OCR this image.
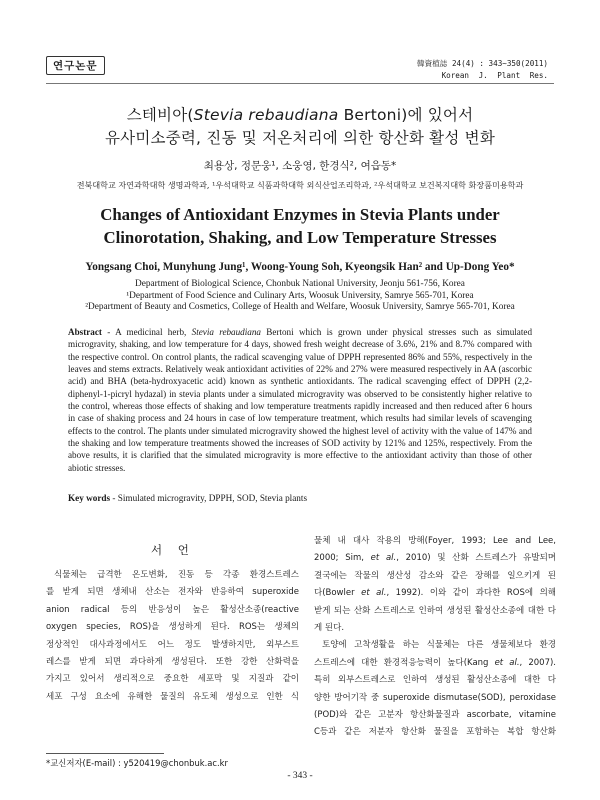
연구논문	韓資植誌 24(4) : 343~350(2011)
Korean J. Plant Res.
스테비아(Stevia rebaudiana Bertoni)에 있어서
유사미소중력, 진동 및 저온처리에 의한 항산화 활성 변화
최용상, 정문웅¹, 소웅영, 한경식², 여읍동*
전북대학교 자연과학대학 생명과학과, ¹우석대학교 식품과학대학 외식산업조리학과, ²우석대학교 보건복지대학 화장품미용학과
Changes of Antioxidant Enzymes in Stevia Plants under
Clinorotation, Shaking, and Low Temperature Stresses
Yongsang Choi, Munyhung Jung¹, Woong-Young Soh, Kyeongsik Han² and Up-Dong Yeo*
Department of Biological Science, Chonbuk National University, Jeonju 561-756, Korea
¹Department of Food Science and Culinary Arts, Woosuk University, Samrye 565-701, Korea
²Department of Beauty and Cosmetics, College of Health and Welfare, Woosuk University, Samrye 565-701, Korea
Abstract - A medicinal herb, Stevia rebaudiana Bertoni which is grown under physical stresses such as simulated microgravity, shaking, and low temperature for 4 days, showed fresh weight decrease of 3.6%, 21% and 8.7% compared with the respective control. On control plants, the radical scavenging value of DPPH represented 86% and 55%, respectively in the leaves and stems extracts. Relatively weak antioxidant activities of 22% and 27% were measured respectively in AA (ascorbic acid) and BHA (beta-hydroxyacetic acid) known as synthetic antioxidants. The radical scavenging effect of DPPH (2,2-diphenyl-1-picryl hydazal) in stevia plants under a simulated microgravity was observed to be consistently higher relative to the control, whereas those effects of shaking and low temperature treatments rapidly increased and then reduced after 6 hours in case of shaking process and 24 hours in case of low temperature treatment, which results had similar levels of scavenging effects to the control. The plants under simulated microgravity showed the highest level of activity with the value of 147% and the shaking and low temperature treatments showed the increases of SOD activity by 121% and 125%, respectively. From the above results, it is clarified that the simulated microgravity is more effective to the antioxidant activity than those of other abiotic stresses.
Key words - Simulated microgravity, DPPH, SOD, Stevia plants
서 언
식물체는 급격한 온도변화, 진동 등 각종 환경스트레스
를 받게 되면 생체내 산소는 전자와 반응하여 superoxide
anion radical 등의 반응성이 높은 활성산소종(reactive
oxygen species, ROS)을 생성하게 된다. ROS는 생체의
정상적인 대사과정에서도 어느 정도 발생하지만, 외부스트
레스를 받게 되면 과다하게 생성된다. 또한 강한 산화력을
가지고 있어서 생리적으로 중요한 세포막 및 지질과 같이
세포 구성 요소에 유해한 물질의 유도체 생성으로 인한 식
물체 내 대사 작용의 방해(Foyer, 1993; Lee and Lee,
2000; Sim, et al., 2010) 및 산화 스트레스가 유발되며
결국에는 작물의 생산성 감소와 같은 장해를 일으키게 된
다(Bowler et al., 1992). 이와 같이 과다한 ROS에 의해
받게 되는 산화 스트레스로 인하여 생성된 활성산소종에 대한 다
게 된다.
토양에 고착생활을 하는 식물체는 다른 생물체보다 환경
스트레스에 대한 환경적응능력이 높다(Kang et al., 2007).
특히 외부스트레스로 인하여 생성된 활성산소종에 대한 다
양한 방어기작 중 superoxide dismutase(SOD), peroxidase
(POD)와 같은 고분자 항산화물질과 ascorbate, vitamine
C등과 같은 저분자 항산화 물질을 포함하는 복합 항산화
*교신저자(E-mail) : y520419@chonbuk.ac.kr
- 343 -
